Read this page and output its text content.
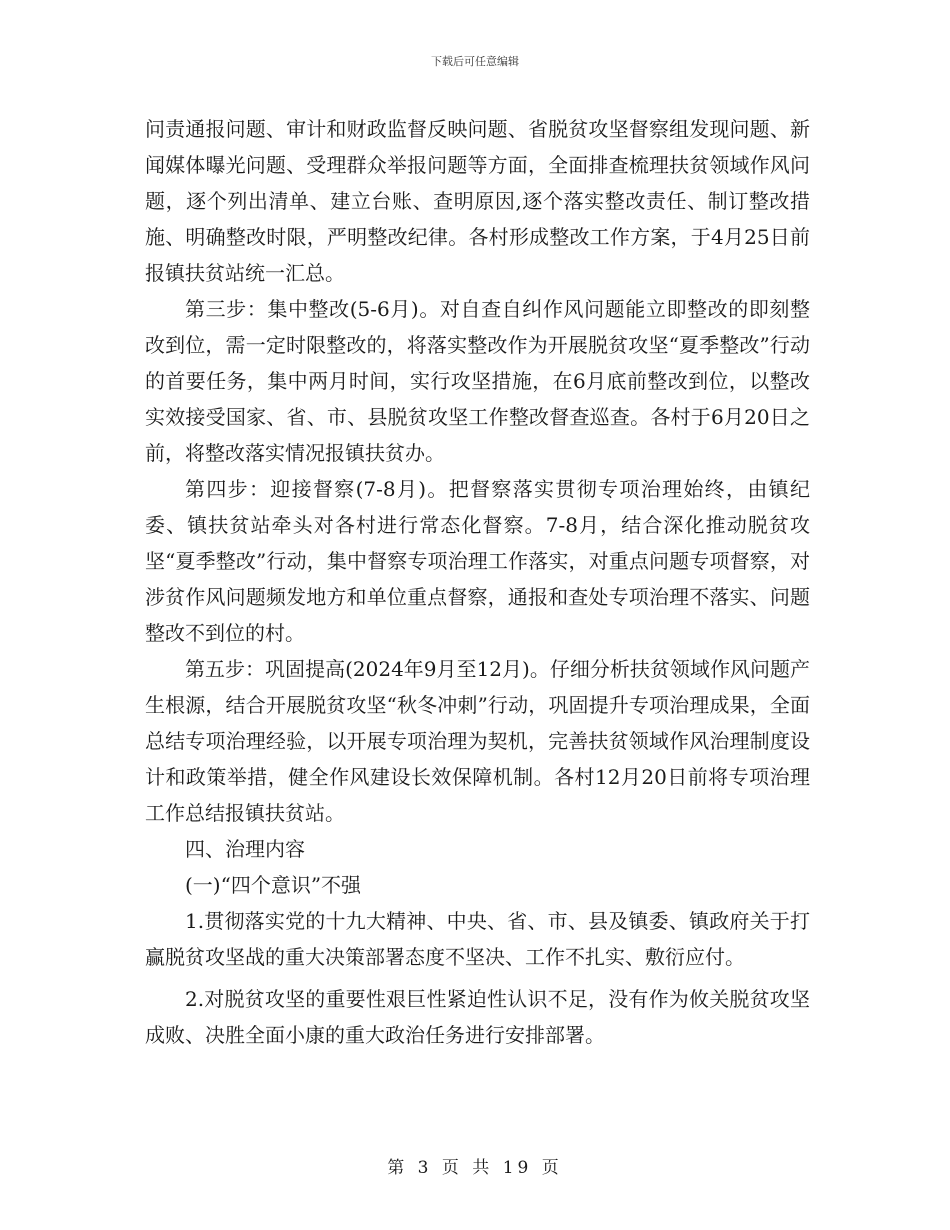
下载后可任意编辑

问责通报问题、审计和财政监督反映问题、省脱贫攻坚督察组发现问题、新闻媒体曝光问题、受理群众举报问题等方面，全面排查梳理扶贫领域作风问题，逐个列出清单、建立台账、查明原因,逐个落实整改责任、制订整改措施、明确整改时限，严明整改纪律。各村形成整改工作方案，于4月25日前报镇扶贫站统一汇总。

第三步：集中整改(5-6月)。对自查自纠作风问题能立即整改的即刻整改到位，需一定时限整改的，将落实整改作为开展脱贫攻坚“夏季整改”行动的首要任务，集中两月时间，实行攻坚措施，在6月底前整改到位，以整改实效接受国家、省、市、县脱贫攻坚工作整改督查巡查。各村于6月20日之前，将整改落实情况报镇扶贫办。

第四步：迎接督察(7-8月)。把督察落实贯彻专项治理始终，由镇纪委、镇扶贫站牵头对各村进行常态化督察。7-8月，结合深化推动脱贫攻坚“夏季整改”行动，集中督察专项治理工作落实，对重点问题专项督察，对涉贫作风问题频发地方和单位重点督察，通报和查处专项治理不落实、问题整改不到位的村。

第五步：巩固提高(2024年9月至12月)。仔细分析扶贫领域作风问题产生根源，结合开展脱贫攻坚“秋冬冲刺”行动，巩固提升专项治理成果，全面总结专项治理经验，以开展专项治理为契机，完善扶贫领域作风治理制度设计和政策举措，健全作风建设长效保障机制。各村12月20日前将专项治理工作总结报镇扶贫站。

四、治理内容

(一)“四个意识”不强

1.贯彻落实党的十九大精神、中央、省、市、县及镇委、镇政府关于打赢脱贫攻坚战的重大决策部署态度不坚决、工作不扎实、敷衍应付。

2.对脱贫攻坚的重要性艰巨性紧迫性认识不足，没有作为攸关脱贫攻坚成败、决胜全面小康的重大政治任务进行安排部署。

第 3 页 共 19 页
